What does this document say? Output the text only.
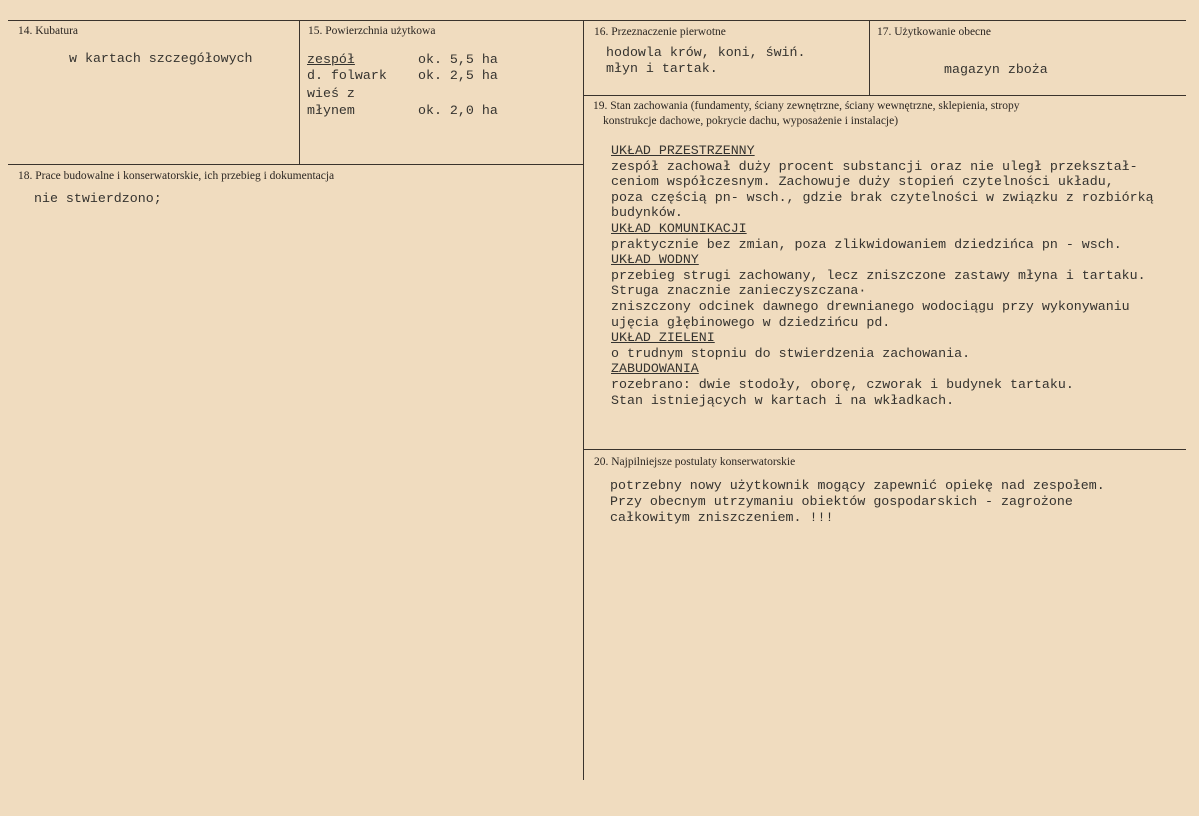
14. Kubatura
w kartach szczegółowych
15. Powierzchnia użytkowa
zespół	ok. 5,5 ha
d. folwark ok. 2,5 ha
wieś z
młynem	ok. 2,0 ha
16. Przeznaczenie pierwotne
hodowla krów, koni, świń.
młyn i tartak.
17. Użytkowanie obecne
magazyn zboża
18. Prace budowalne i konserwatorskie, ich przebieg i dokumentacja
nie stwierdzono;
19. Stan zachowania (fundamenty, ściany zewnętrzne, ściany wewnętrzne, sklepienia, stropy
konstrukcje dachowe, pokrycie dachu, wyposażenie i instalacje)
UKŁAD PRZESTRZENNY
zespół zachował duży procent substancji oraz nie uległ przekształ-
ceniom współczesnym. Zachowuje duży stopień czytelności układu,
poza częścią pn- wsch., gdzie brak czytelności w związku z rozbiórką
budynków.
UKŁAD KOMUNIKACJI
praktycznie bez zmian, poza zlikwidowaniem dziedzińca pn - wsch.
UKŁAD WODNY
przebieg strugi zachowany, lecz zniszczone zastawy młyna i tartaku.
Struga znacznie zanieczyszczana·
zniszczony odcinek dawnego drewnianego wodociągu przy wykonywaniu
ujęcia głębinowego w dziedzińcu pd.
UKŁAD ZIELENI
o trudnym stopniu do stwierdzenia zachowania.
ZABUDOWANIA
rozebrano: dwie stodoły, oborę, czworak i budynek tartaku.
Stan istniejących w kartach i na wkładkach.
20. Najpilniejsze postulaty konserwatorskie
potrzebny nowy użytkownik mogący zapewnić opiekę nad zespołem.
Przy obecnym utrzymaniu obiektów gospodarskich - zagrożone
całkowitym zniszczeniem. !!!
